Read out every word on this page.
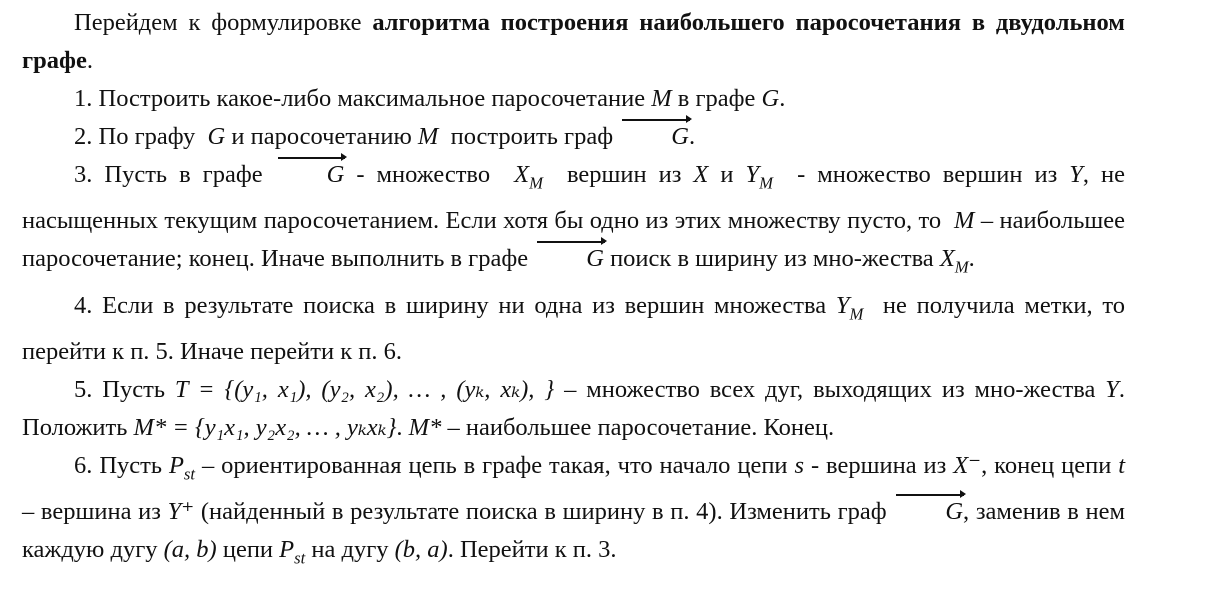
Перейдем к формулировке алгоритма построения наибольшего паросочетания в двудольном графе.

1. Построить какое-либо максимальное паросочетание M в графе G.

2. По графу G и паросочетанию M построить граф G.

3. Пусть в графе	G - множество $X_M$ вершин из X и $Y_M$ - множество вершин из Y, не насыщенных текущим паросочетанием. Если хотя бы одно из этих множеству пусто, то M – наибольшее паросочетание; конец. Иначе выполнить в графе G поиск в ширину из мно-жества $X_M$.

4. Если в результате поиска в ширину ни одна из вершин множества $Y_M$ не получила метки, то перейти к п. 5. Иначе перейти к п. 6.

5. Пусть T = {(y₁, x₁), (y₂, x₂), … , (yₖ, xₖ), } – множество всех дуг, выходящих из мно-жества Y. Положить M* = {y₁x₁, y₂x₂, … , yₖxₖ}. M* – наибольшее паросочетание. Конец.

6. Пусть $P_{st}$ – ориентированная цепь в графе такая, что начало цепи s - вершина из X⁻, конец цепи t – вершина из Y⁺ (найденный в результате поиска в ширину в п. 4). Изменить граф G, заменив в нем каждую дугу (a, b) цепи $P_{st}$ на дугу (b, a). Перейти к п. 3.
